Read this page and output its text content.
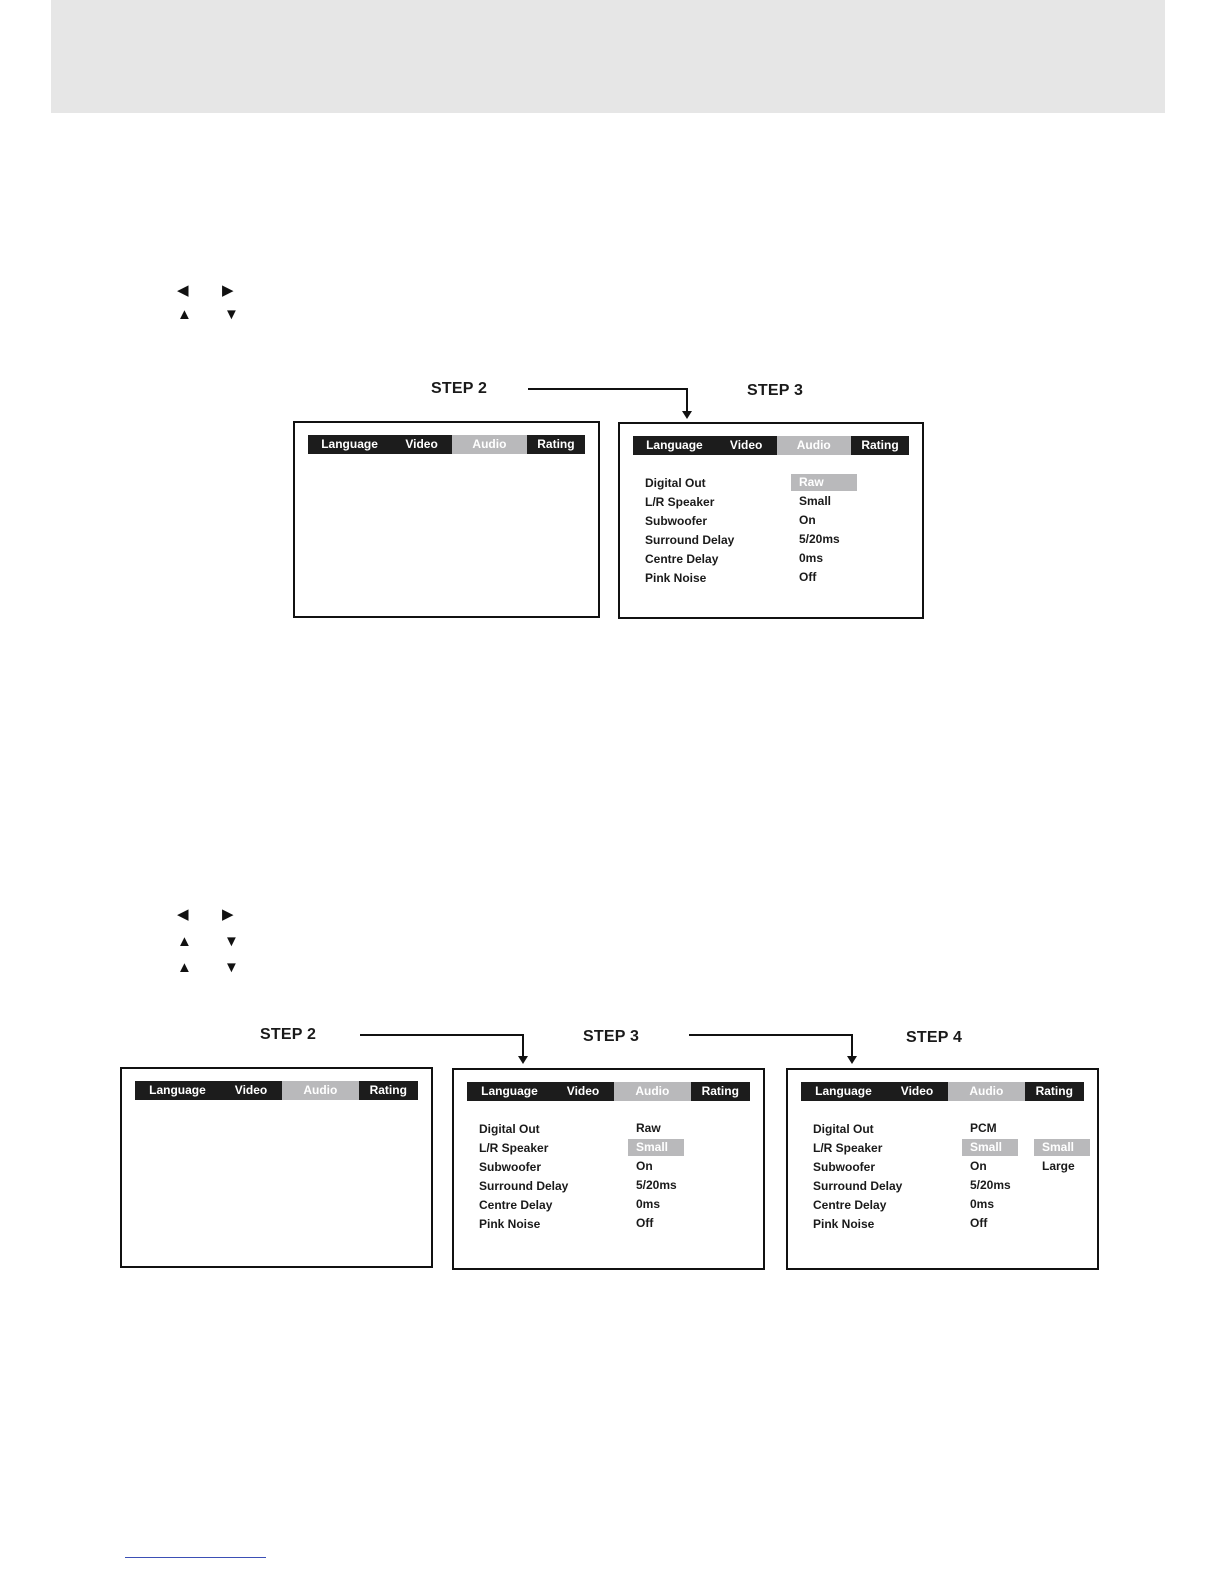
◀ ▶
▲ ▼
STEP 2	STEP 3
Language	Video	Audio	Rating	Language	Video	Audio	Rating
Digital Out	Raw
L/R Speaker	Small
Subwoofer	On
Surround Delay	5/20ms
Centre Delay	0ms
Pink Noise	Off
◀ ▶
▲ ▼
▲ ▼
STEP 2	STEP 3	STEP 4
Language	Video	Audio	Rating	Language	Video	Audio	Rating
Digital Out	Raw
L/R Speaker	Small
Subwoofer	On
Surround Delay	5/20ms
Centre Delay	0ms
Pink Noise	Off
Language	Video	Audio	Rating
Digital Out	PCM
L/R Speaker	Small	Small
Subwoofer	On	Large
Surround Delay	5/20ms
Centre Delay	0ms
Pink Noise	Off
